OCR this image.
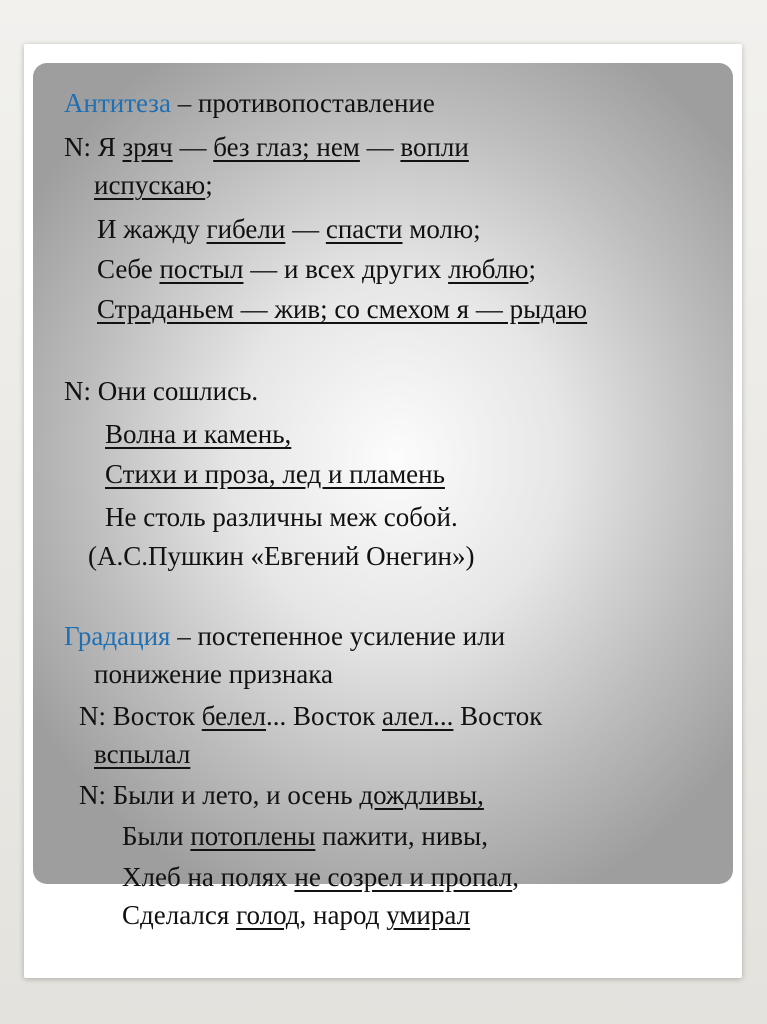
Антитеза – противопоставление
N: Я зряч — без глаз; нем — вопли
испускаю;
И жажду гибели — спасти молю;
Себе постыл — и всех других люблю;
Страданьем — жив; со смехом я — рыдаю
N: Они сошлись.
Волна и камень,
Стихи и проза, лед и пламень
Не столь различны меж собой.
(А.С.Пушкин «Евгений Онегин»)
Градация – постепенное усиление или
понижение признака
N: Восток белел... Восток алел... Восток
вспылал
N: Были и лето, и осень дождливы,
Были потоплены пажити, нивы,
Хлеб на полях не созрел и пропал,
Сделался голод, народ умирал
